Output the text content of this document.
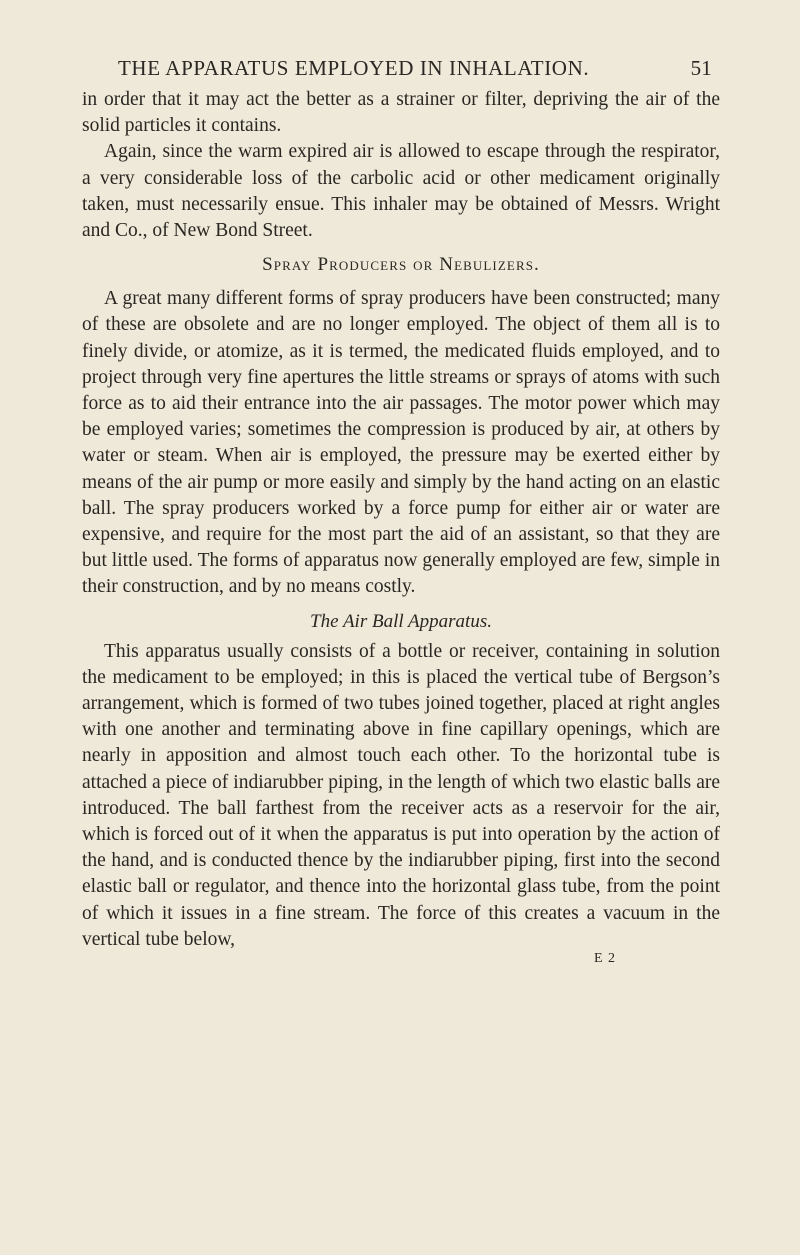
THE APPARATUS EMPLOYED IN INHALATION.	51

in order that it may act the better as a strainer or filter, depriving the air of the solid particles it contains.

Again, since the warm expired air is allowed to escape through the respirator, a very considerable loss of the carbolic acid or other medicament originally taken, must necessarily ensue. This inhaler may be obtained of Messrs. Wright and Co., of New Bond Street.

Spray Producers or Nebulizers.

A great many different forms of spray producers have been constructed; many of these are obsolete and are no longer employed. The object of them all is to finely divide, or atomize, as it is termed, the medicated fluids employed, and to project through very fine apertures the little streams or sprays of atoms with such force as to aid their entrance into the air passages. The motor power which may be employed varies; sometimes the compression is produced by air, at others by water or steam. When air is employed, the pressure may be exerted either by means of the air pump or more easily and simply by the hand acting on an elastic ball. The spray producers worked by a force pump for either air or water are expensive, and require for the most part the aid of an assistant, so that they are but little used. The forms of apparatus now generally employed are few, simple in their construction, and by no means costly.

The Air Ball Apparatus.

This apparatus usually consists of a bottle or receiver, containing in solution the medicament to be employed; in this is placed the vertical tube of Bergson’s arrangement, which is formed of two tubes joined together, placed at right angles with one another and terminating above in fine capillary openings, which are nearly in apposition and almost touch each other. To the horizontal tube is attached a piece of indiarubber piping, in the length of which two elastic balls are introduced. The ball farthest from the receiver acts as a reservoir for the air, which is forced out of it when the apparatus is put into operation by the action of the hand, and is conducted thence by the indiarubber piping, first into the second elastic ball or regulator, and thence into the horizontal glass tube, from the point of which it issues in a fine stream. The force of this creates a vacuum in the vertical tube below,

E 2
